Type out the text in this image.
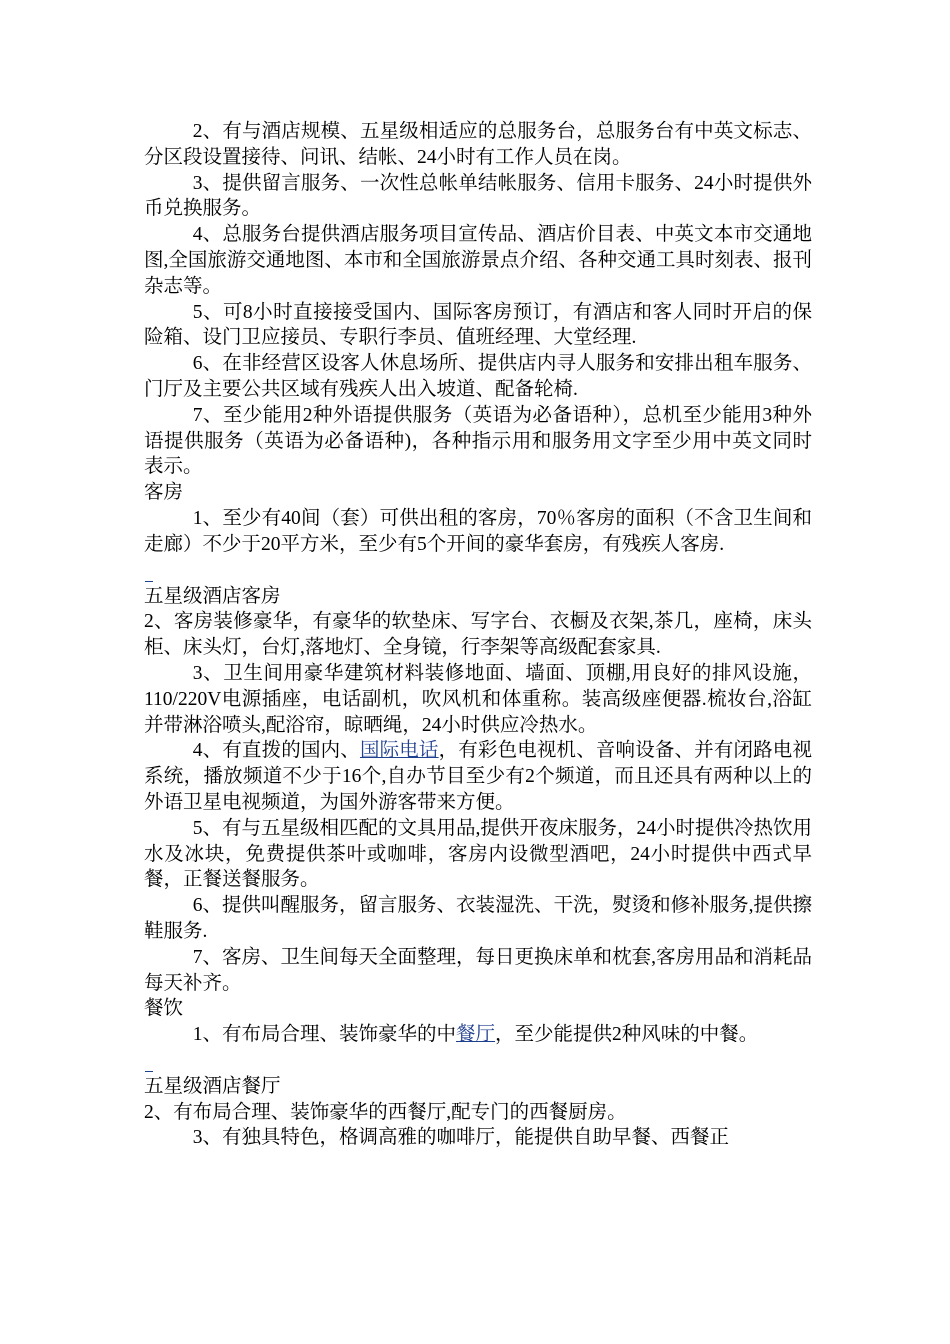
2、有与酒店规模、五星级相适应的总服务台，总服务台有中英文标志、分区段设置接待、问讯、结帐、24小时有工作人员在岗。

3、提供留言服务、一次性总帐单结帐服务、信用卡服务、24小时提供外币兑换服务。

4、总服务台提供酒店服务项目宣传品、酒店价目表、中英文本市交通地图,全国旅游交通地图、本市和全国旅游景点介绍、各种交通工具时刻表、报刊杂志等。

5、可8小时直接接受国内、国际客房预订，有酒店和客人同时开启的保险箱、设门卫应接员、专职行李员、值班经理、大堂经理.

6、在非经营区设客人休息场所、提供店内寻人服务和安排出租车服务、门厅及主要公共区域有残疾人出入坡道、配备轮椅.

7、至少能用2种外语提供服务（英语为必备语种），总机至少能用3种外语提供服务（英语为必备语种)，各种指示用和服务用文字至少用中英文同时表示。

客房

1、至少有40间（套）可供出租的客房，70％客房的面积（不含卫生间和走廊）不少于20平方米，至少有5个开间的豪华套房，有残疾人客房.

五星级酒店客房

2、客房装修豪华，有豪华的软垫床、写字台、衣橱及衣架,茶几，座椅，床头柜、床头灯，台灯,落地灯、全身镜，行李架等高级配套家具.

3、卫生间用豪华建筑材料装修地面、墙面、顶棚,用良好的排风设施，110/220V电源插座，电话副机，吹风机和体重称。装高级座便器.梳妆台,浴缸并带淋浴喷头,配浴帘，晾晒绳，24小时供应冷热水。

4、有直拨的国内、国际电话，有彩色电视机、音响设备、并有闭路电视系统，播放频道不少于16个,自办节目至少有2个频道，而且还具有两种以上的外语卫星电视频道，为国外游客带来方便。

5、有与五星级相匹配的文具用品,提供开夜床服务，24小时提供冷热饮用水及冰块，免费提供茶叶或咖啡，客房内设微型酒吧，24小时提供中西式早餐，正餐送餐服务。

6、提供叫醒服务，留言服务、衣装湿洗、干洗，熨烫和修补服务,提供擦鞋服务.

7、客房、卫生间每天全面整理，每日更换床单和枕套,客房用品和消耗品每天补齐。

餐饮

1、有布局合理、装饰豪华的中餐厅，至少能提供2种风味的中餐。

五星级酒店餐厅

2、有布局合理、装饰豪华的西餐厅,配专门的西餐厨房。

3、有独具特色，格调高雅的咖啡厅，能提供自助早餐、西餐正
